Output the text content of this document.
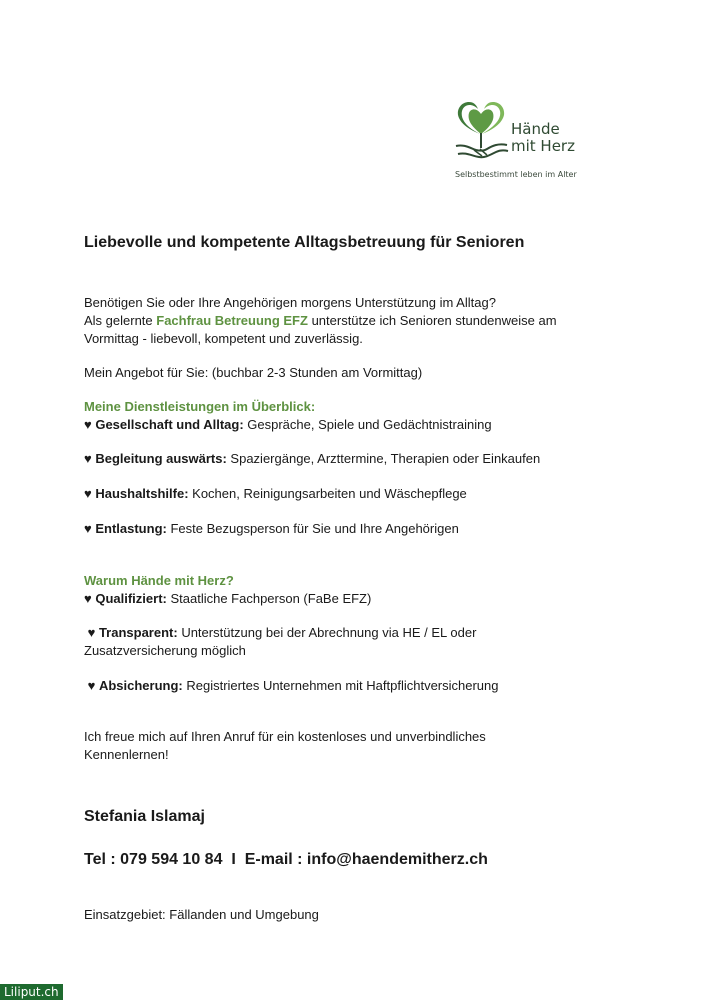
Hände
mit Herz
Selbstbestimmt leben im Alter
Liebevolle und kompetente Alltagsbetreuung für Senioren
Benötigen Sie oder Ihre Angehörigen morgens Unterstützung im Alltag?
Als gelernte Fachfrau Betreuung EFZ unterstütze ich Senioren stundenweise am
Vormittag - liebevoll, kompetent und zuverlässig.
Mein Angebot für Sie: (buchbar 2-3 Stunden am Vormittag)
Meine Dienstleistungen im Überblick:
♥ Gesellschaft und Alltag: Gespräche, Spiele und Gedächtnistraining
♥ Begleitung auswärts: Spaziergänge, Arzttermine, Therapien oder Einkaufen
♥ Haushaltshilfe: Kochen, Reinigungsarbeiten und Wäschepflege
♥ Entlastung: Feste Bezugsperson für Sie und Ihre Angehörigen
Warum Hände mit Herz?
♥ Qualifiziert: Staatliche Fachperson (FaBe EFZ)
♥ Transparent: Unterstützung bei der Abrechnung via HE / EL oder
Zusatzversicherung möglich
♥ Absicherung: Registriertes Unternehmen mit Haftpflichtversicherung
Ich freue mich auf Ihren Anruf für ein kostenloses und unverbindliches
Kennenlernen!
Stefania Islamaj
Tel : 079 594 10 84  I  E-mail : info@haendemitherz.ch
Einsatzgebiet: Fällanden und Umgebung
Liliput.ch
